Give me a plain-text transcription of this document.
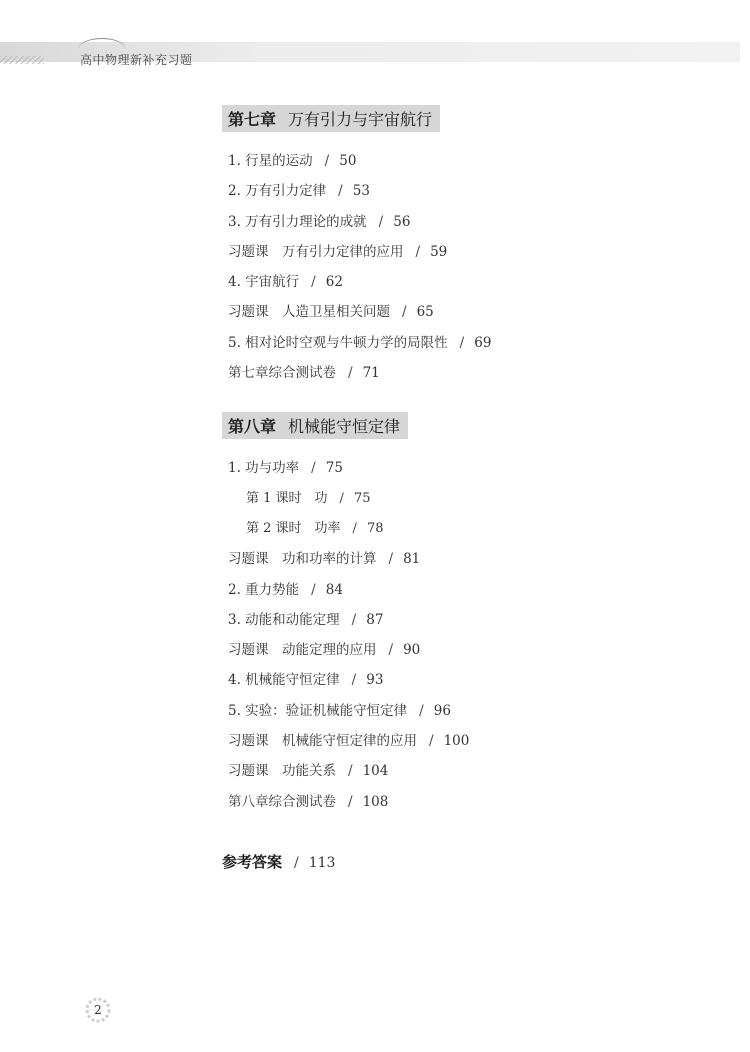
高中物理新补充习题
第七章 万有引力与宇宙航行
1. 行星的运动 / 50
2. 万有引力定律 / 53
3. 万有引力理论的成就 / 56
习题课　万有引力定律的应用 / 59
4. 宇宙航行 / 62
习题课　人造卫星相关问题 / 65
5. 相对论时空观与牛顿力学的局限性 / 69
第七章综合测试卷 / 71
第八章 机械能守恒定律
1. 功与功率 / 75
第 1 课时　功 / 75
第 2 课时　功率 / 78
习题课　功和功率的计算 / 81
2. 重力势能 / 84
3. 动能和动能定理 / 87
习题课　动能定理的应用 / 90
4. 机械能守恒定律 / 93
5. 实验：验证机械能守恒定律 / 96
习题课　机械能守恒定律的应用 / 100
习题课　功能关系 / 104
第八章综合测试卷 / 108
参考答案 / 113
2
